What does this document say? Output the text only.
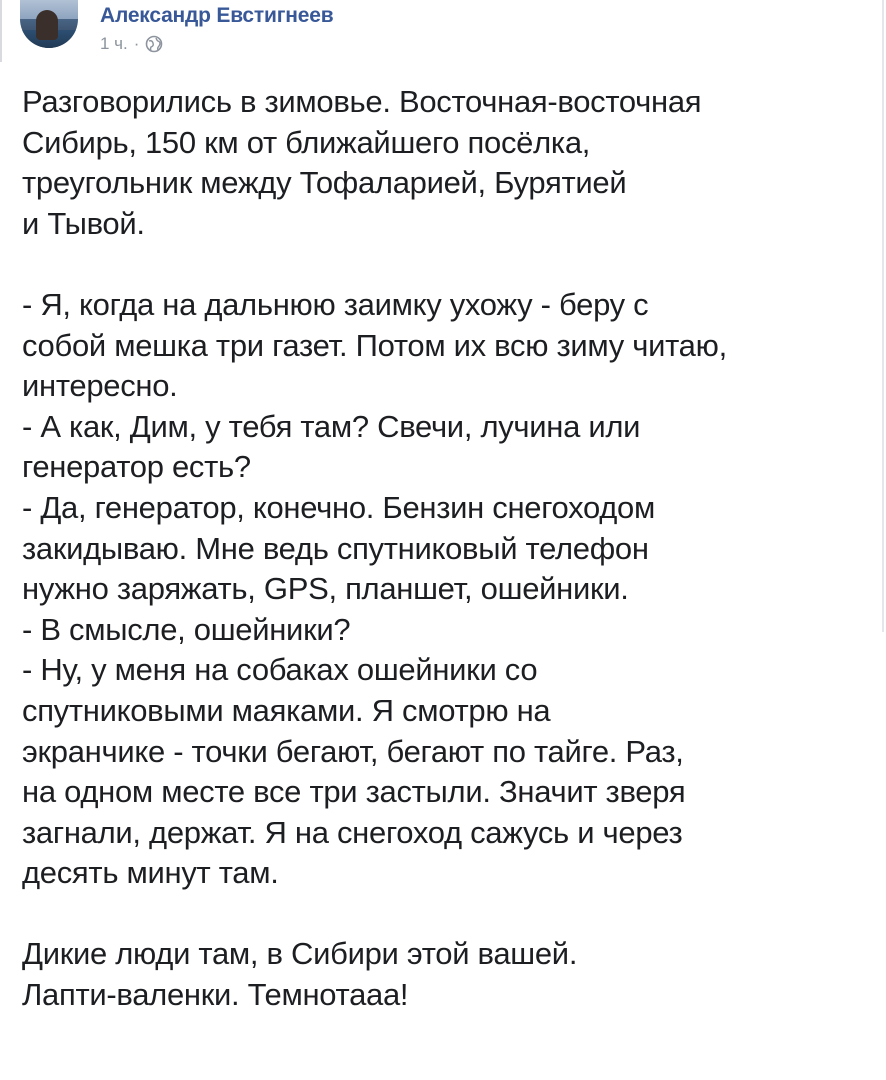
Александр Евстигнеев
1 ч. ·
Разговорились в зимовье. Восточная-восточная
Сибирь, 150 км от ближайшего посёлка,
треугольник между Тофаларией, Бурятией
и Тывой.
- Я, когда на дальнюю заимку ухожу - беру с
собой мешка три газет. Потом их всю зиму читаю,
интересно.
- А как, Дим, у тебя там? Свечи, лучина или
генератор есть?
- Да, генератор, конечно. Бензин снегоходом
закидываю. Мне ведь спутниковый телефон
нужно заряжать, GPS, планшет, ошейники.
- В смысле, ошейники?
- Ну, у меня на собаках ошейники со
спутниковыми маяками. Я смотрю на
экранчике - точки бегают, бегают по тайге. Раз,
на одном месте все три застыли. Значит зверя
загнали, держат. Я на снегоход сажусь и через
десять минут там.
Дикие люди там, в Сибири этой вашей.
Лапти-валенки. Темнотааа!
